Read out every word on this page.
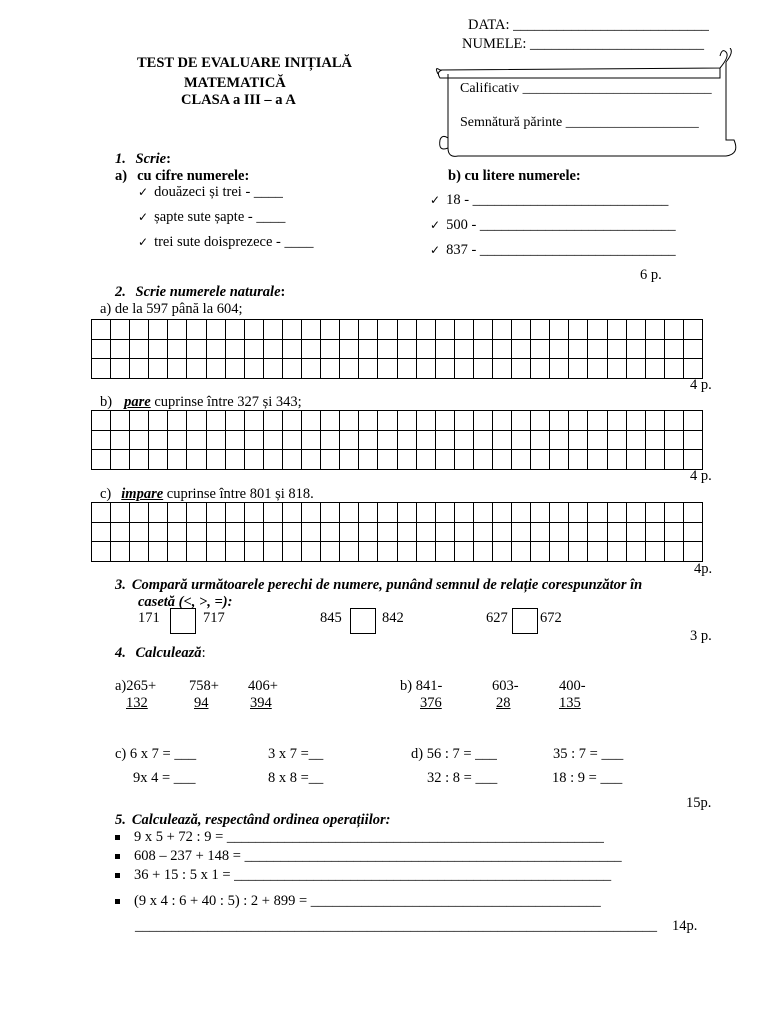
DATA: ___________________________
NUMELE: ________________________
TEST DE EVALUARE INIȚIALĂ
MATEMATICĂ
CLASA a III – a A
Calificativ ___________________________
Semnătură părinte ___________________
1. Scrie:
a) cu cifre numerele:
✓ douăzeci și trei - ____
✓ șapte sute șapte - ____
✓ trei sute doisprezece - ____
b) cu litere numerele:
✓ 18 - ___________________________
✓ 500 - ___________________________
✓ 837 - ___________________________
6 p.
2. Scrie numerele naturale:
a) de la 597 până la 604;

4 p.
b) pare cuprinse între 327 și 343;

4 p.
c) impare cuprinse între 801 și 818.

4p.
3. Compară următoarele perechi de numere, punând semnul de relație corespunzător în
casetă (<, >, =):
171	717	845	842	627 672
3 p.
4. Calculează:
a)265+ 758+ 406+
132	94	394
b) 841-	603-	400-
376	28	135
c) 6 x 7 = ___	3 x 7 =__
9x 4 = ___	8 x 8 =__
d) 56 : 7 = ___	35 : 7 = ___
32 : 8 = ___	18 : 9 = ___
15p.
5. Calculează, respectând ordinea operațiilor:
9 x 5 + 72 : 9 = ____________________________________________________
608 – 237 + 148 = ____________________________________________________
36 + 15 : 5 x 1 = ____________________________________________________
(9 x 4 : 6 + 40 : 5) : 2 + 899 = ________________________________________
________________________________________________________________________ 14p.
